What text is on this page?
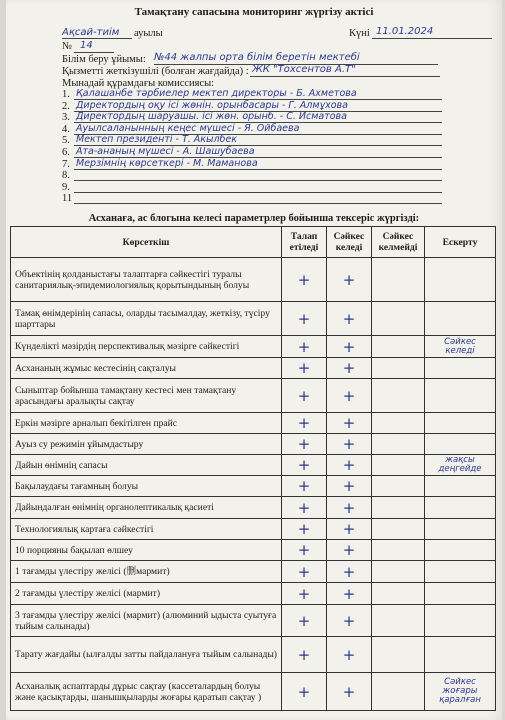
Тамақтану сапасына мониторинг жүргізу актісі
Ақсай-тиім ауылы	Күні 11.01.2024
№ 14
Білім беру ұйымы: №44 жалпы орта білім беретін мектебі
Қызметті жеткізушілі (болған жағдайда) : ЖК "Тохсентов А.Т"
Мынадай құрамдағы комиссиясы:
1. Қалашанбе тәрбиелер мектеп директоры - Б. Ахметова
2. Директордың оқу ісі жөнін. орынбасары - Г. Алмұхова
3. Директордың шаруашы. ісі жөн. орынб. - С. Исматова
4. Ауылсаланынның кеңес мүшесі - Я. Ойбаева
5. Мектеп президенті - Т. Акылбек
6. Ата-ананың мүшесі - А. Шашубаева
7. Мерзімнің көрсеткері - М. Маманова
8.
9.
11
Асханаға, ас блогына келесі параметрлер бойынша тексеріс жүргізді:
Көрсеткіш	Талап етіледі	Сәйкес келеді	Сәйкес келмейді	Ескерту
Объектінің қолданыстағы талаптарға сәйкестігі туралы санитариялық-эпидемиологиялық қорытындының болуы	+	+		
Тамақ өнімдерінің сапасы, оларды тасымалдау, жеткізу, түсіру шарттары	+	+		
Күнделікті мәзірдің перспективалық мәзірге сәйкестігі	+	+		Сәйкес келеді
Асхананың жұмыс кестесінің сақталуы	+	+		
Сыныптар бойынша тамақтану кестесі мен тамақтану арасындағы аралықты сақтау	+	+		
Еркін мәзірге арналып бекітілген прайс	+	+		
Ауыз су режимін ұйымдастыру	+	+		
Дайын өнімнің сапасы	+	+		жақсы деңгейде
Бақылаудағы тағамның болуы	+	+		
Дайындалған өнімнің органолептикалық қасиеті	+	+		
Технологиялық картаға сәйкестігі	+	+		
10 порцияны бақылап өлшеу	+	+		
1 тағамды үлестіру желісі (删мармит)	+	+		
2 тағамды үлестіру желісі (мармит)	+	+		
3 тағамды үлестіру желісі (мармит) (алюминий ыдыста суытуға тыйым салынады)	+	+		
Тарату жағдайы (ылғалды затты пайдалануға тыйым салынады)	+	+		
Асханалық аспаптарды дұрыс сақтау (кассеталардың болуы және қасықтарды, шанышқыларды жоғары қаратып сақтау )	+	+		Сәйкес жоғары қаралған
